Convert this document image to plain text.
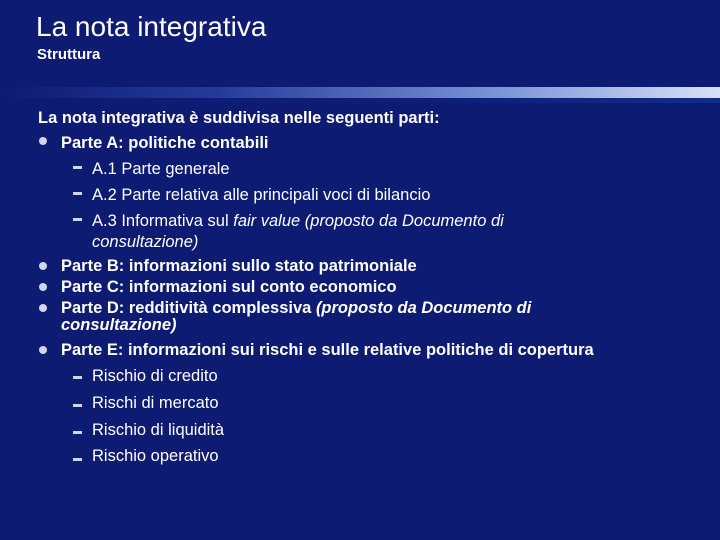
La nota integrativa
Struttura
La nota integrativa è suddivisa nelle seguenti parti:
Parte A: politiche contabili
A.1 Parte generale
A.2 Parte relativa alle principali voci di bilancio
A.3 Informativa sul fair value (proposto da Documento di
consultazione)
Parte B: informazioni sullo stato patrimoniale
Parte C: informazioni sul conto economico
Parte D: redditività complessiva (proposto da Documento di
consultazione)
Parte E: informazioni sui rischi e sulle relative politiche di copertura
Rischio di credito
Rischi di mercato
Rischio di liquidità
Rischio operativo
